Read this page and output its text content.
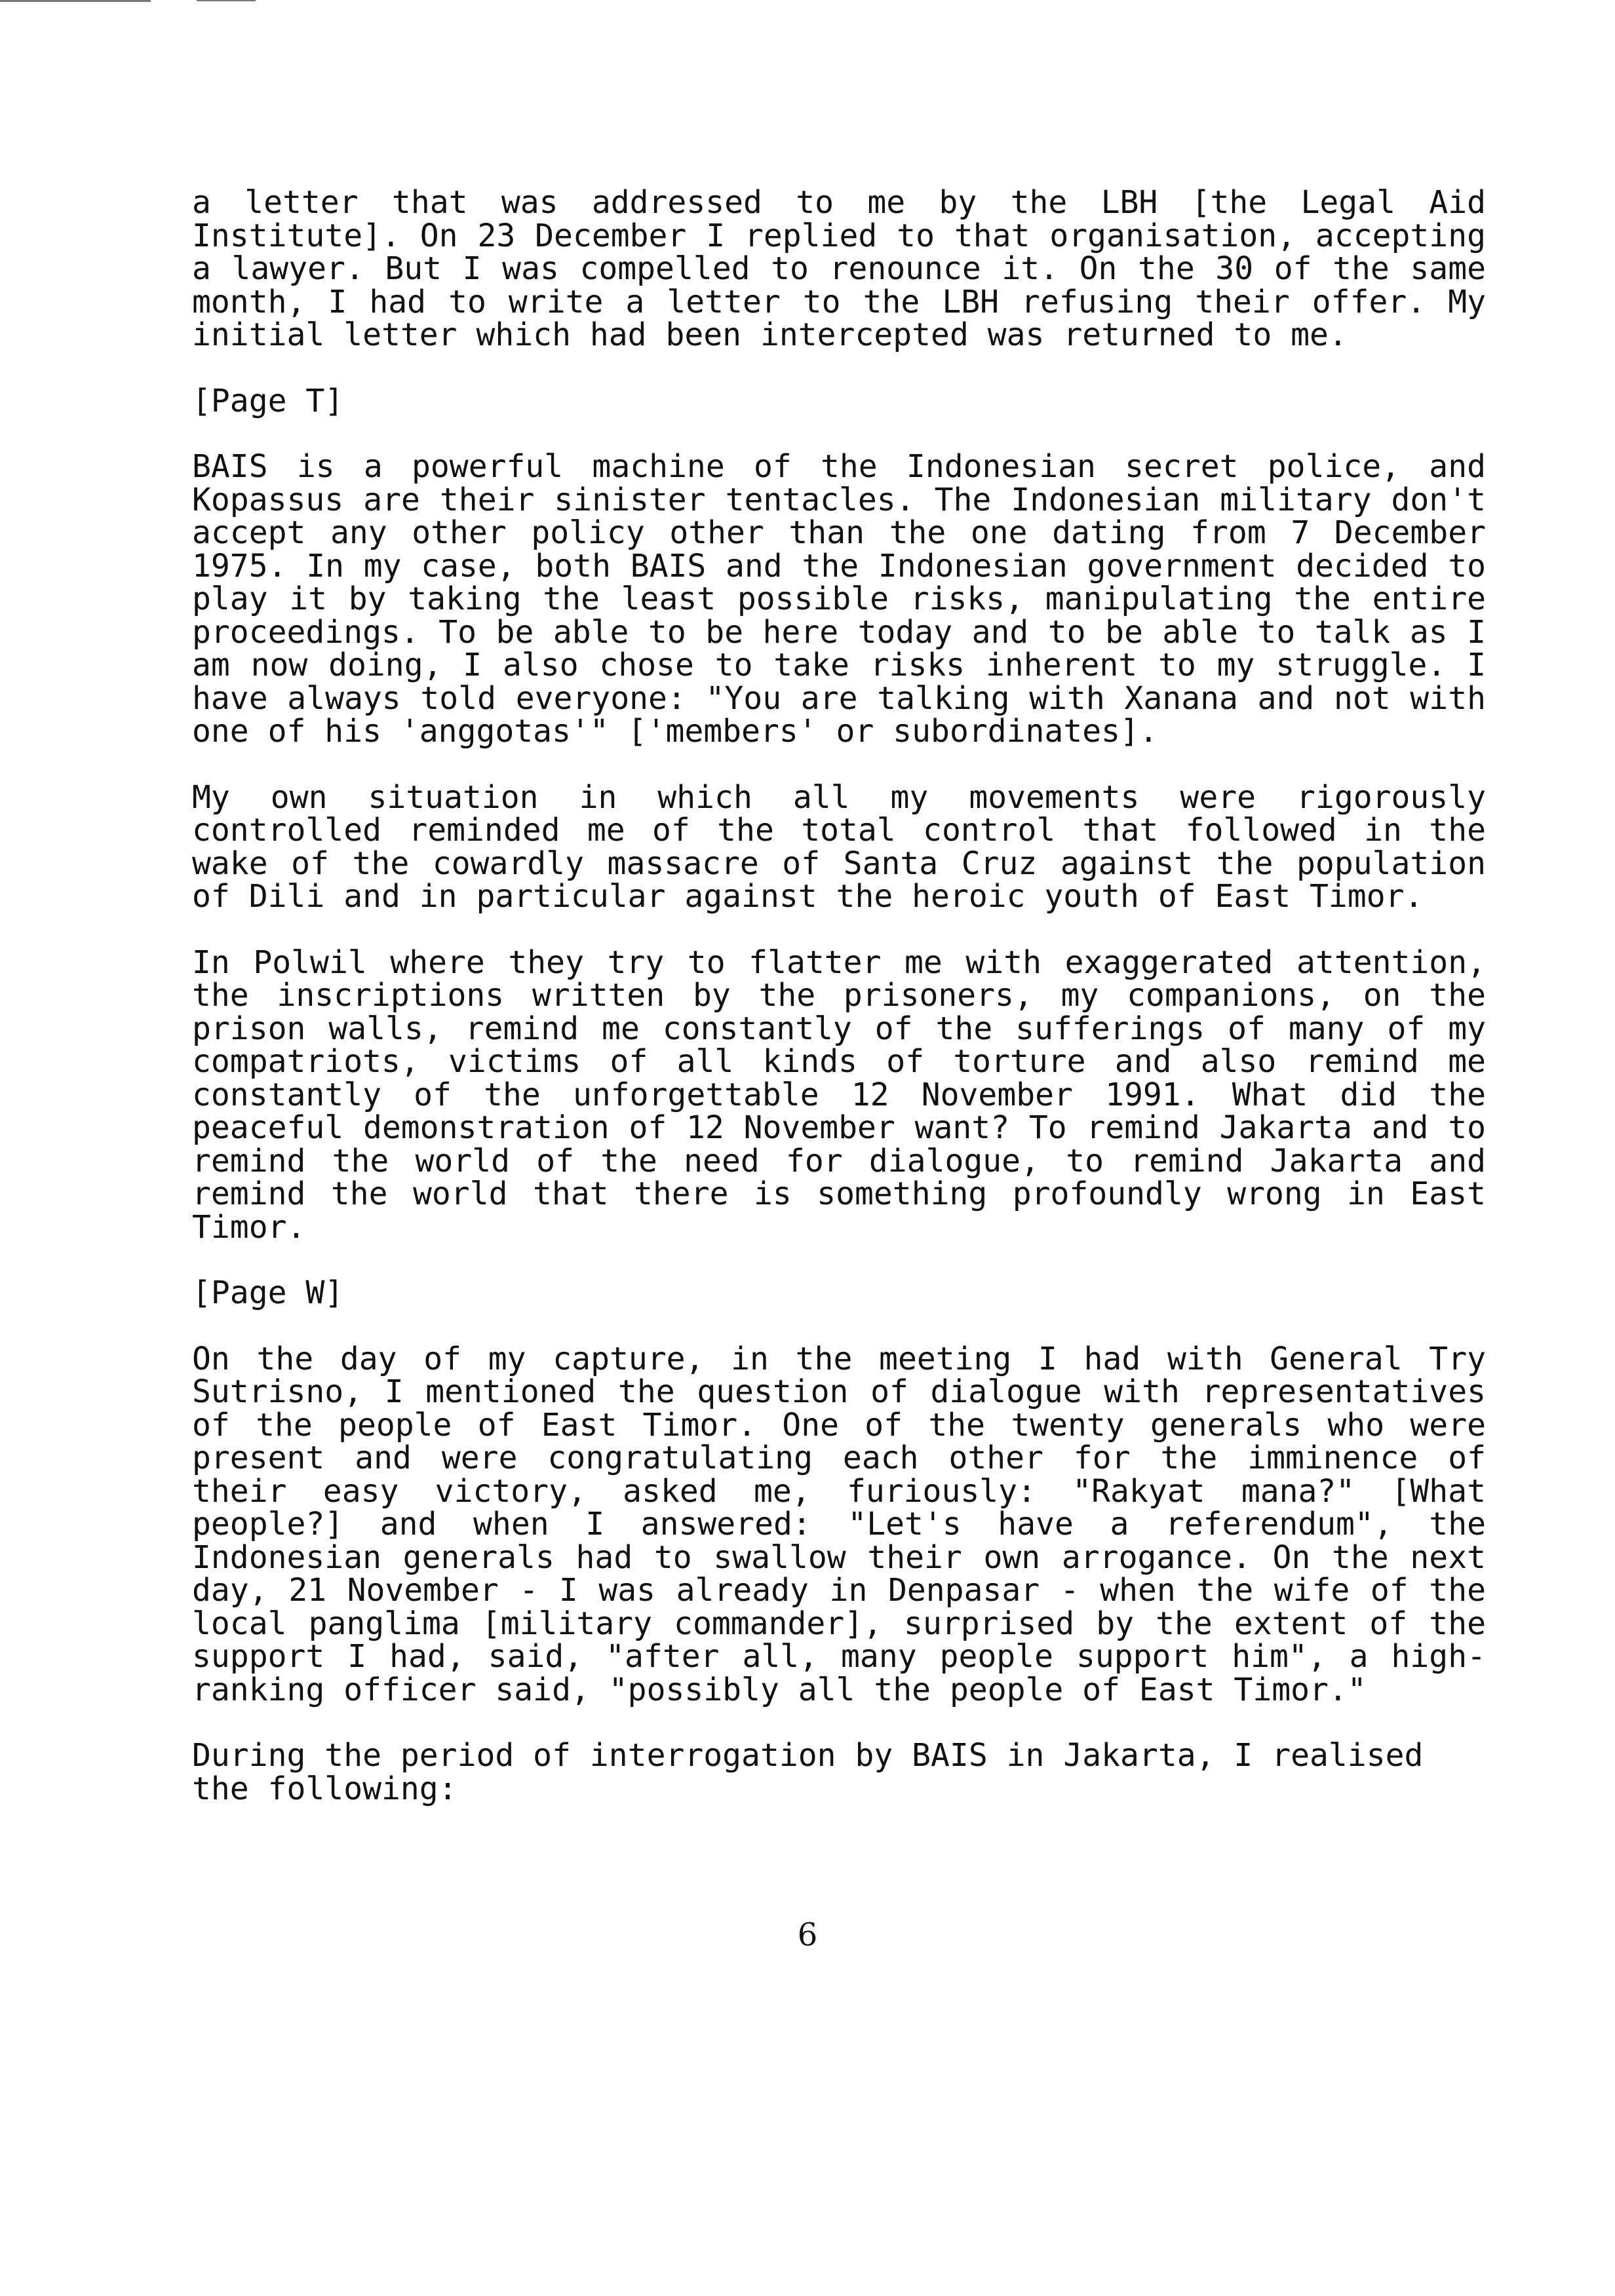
a letter that was addressed to me by the LBH [the Legal Aid Institute]. On 23 December I replied to that organisation, accepting a lawyer. But I was compelled to renounce it. On the 30 of the same month, I had to write a letter to the LBH refusing their offer. My initial letter which had been intercepted was returned to me.

[Page T]

BAIS is a powerful machine of the Indonesian secret police, and Kopassus are their sinister tentacles. The Indonesian military don't accept any other policy other than the one dating from 7 December 1975. In my case, both BAIS and the Indonesian government decided to play it by taking the least possible risks, manipulating the entire proceedings. To be able to be here today and to be able to talk as I am now doing, I also chose to take risks inherent to my struggle. I have always told everyone: "You are talking with Xanana and not with one of his 'anggotas'" ['members' or subordinates].

My own situation in which all my movements were rigorously controlled reminded me of the total control that followed in the wake of the cowardly massacre of Santa Cruz against the population of Dili and in particular against the heroic youth of East Timor.

In Polwil where they try to flatter me with exaggerated attention, the inscriptions written by the prisoners, my companions, on the prison walls, remind me constantly of the sufferings of many of my compatriots, victims of all kinds of torture and also remind me constantly of the unforgettable 12 November 1991. What did the peaceful demonstration of 12 November want? To remind Jakarta and to remind the world of the need for dialogue, to remind Jakarta and remind the world that there is something profoundly wrong in East Timor.

[Page W]

On the day of my capture, in the meeting I had with General Try Sutrisno, I mentioned the question of dialogue with representatives of the people of East Timor. One of the twenty generals who were present and were congratulating each other for the imminence of their easy victory, asked me, furiously: "Rakyat mana?" [What people?] and when I answered: "Let's have a referendum", the Indonesian generals had to swallow their own arrogance. On the next day, 21 November - I was already in Denpasar - when the wife of the local panglima [military commander], surprised by the extent of the support I had, said, "after all, many people support him", a high-ranking officer said, "possibly all the people of East Timor."

During the period of interrogation by BAIS in Jakarta, I realised the following:

6
